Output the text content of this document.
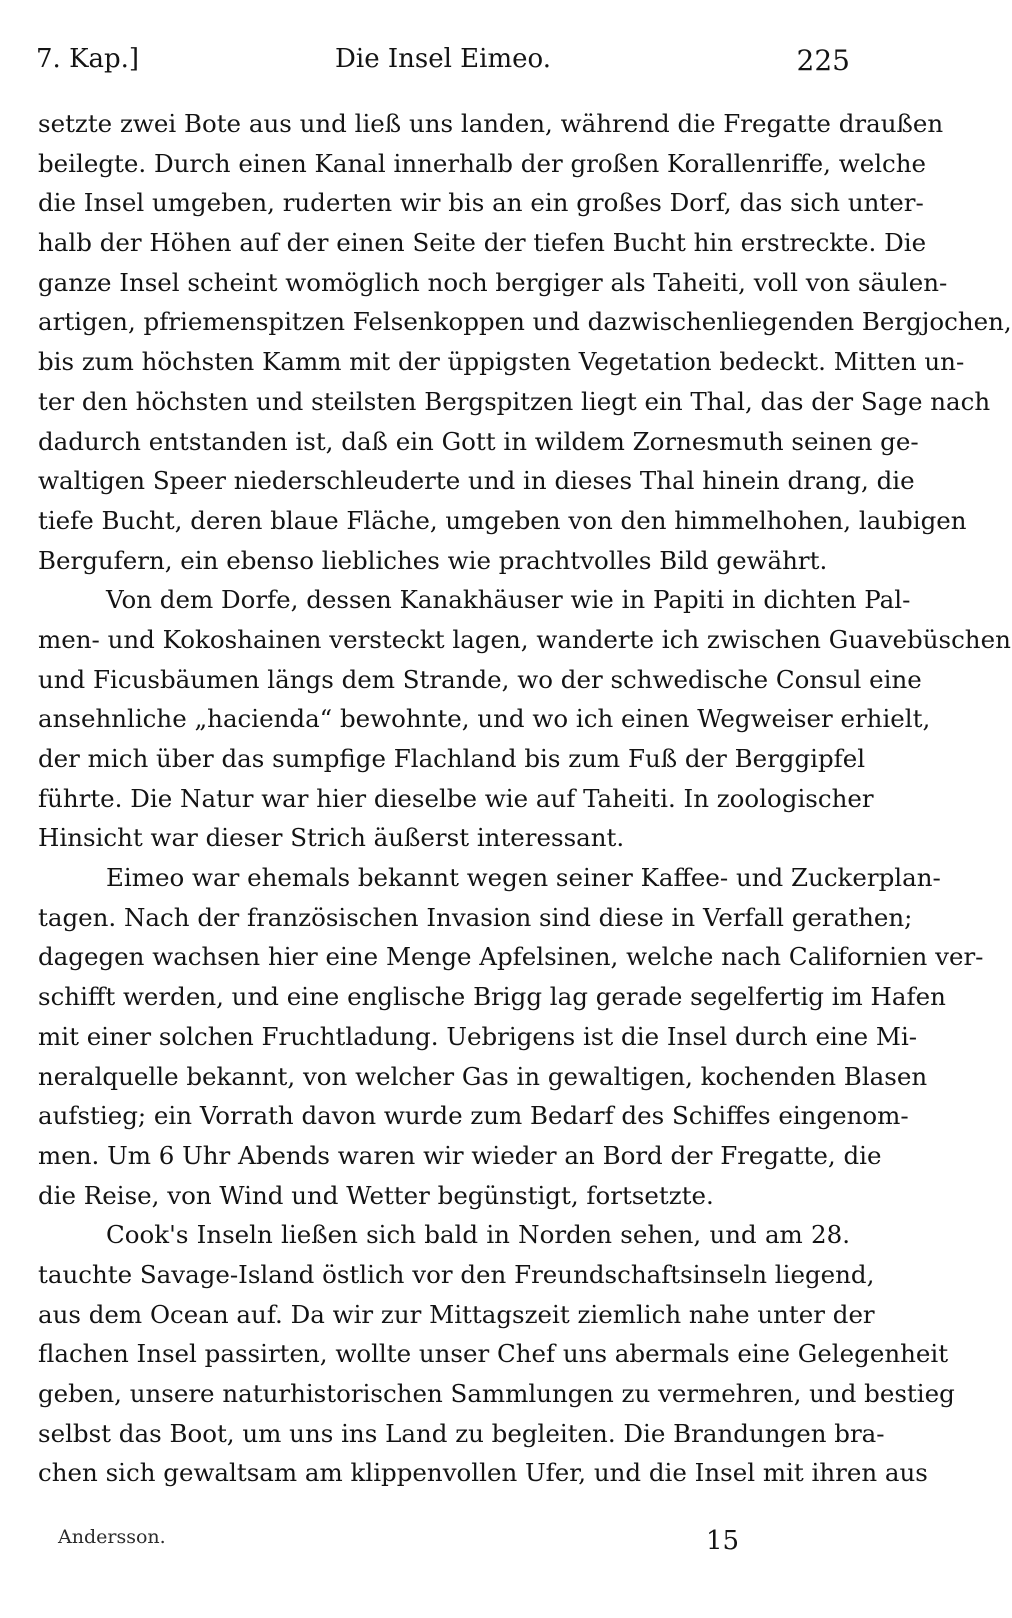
7. Kap.]	Die Insel Eimeo.	225
setzte zwei Bote aus und ließ uns landen, während die Fregatte draußen
beilegte. Durch einen Kanal innerhalb der großen Korallenriffe, welche
die Insel umgeben, ruderten wir bis an ein großes Dorf, das sich unter-
halb der Höhen auf der einen Seite der tiefen Bucht hin erstreckte. Die
ganze Insel scheint womöglich noch bergiger als Taheiti, voll von säulen-
artigen, pfriemenspitzen Felsenkoppen und dazwischenliegenden Bergjochen,
bis zum höchsten Kamm mit der üppigsten Vegetation bedeckt. Mitten un-
ter den höchsten und steilsten Bergspitzen liegt ein Thal, das der Sage nach
dadurch entstanden ist, daß ein Gott in wildem Zornesmuth seinen ge-
waltigen Speer niederschleuderte und in dieses Thal hinein drang, die
tiefe Bucht, deren blaue Fläche, umgeben von den himmelhohen, laubigen
Bergufern, ein ebenso liebliches wie prachtvolles Bild gewährt.
Von dem Dorfe, dessen Kanakhäuser wie in Papiti in dichten Pal-
men- und Kokoshainen versteckt lagen, wanderte ich zwischen Guavebüschen
und Ficusbäumen längs dem Strande, wo der schwedische Consul eine
ansehnliche „hacienda“ bewohnte, und wo ich einen Wegweiser erhielt,
der mich über das sumpfige Flachland bis zum Fuß der Berggipfel
führte. Die Natur war hier dieselbe wie auf Taheiti. In zoologischer
Hinsicht war dieser Strich äußerst interessant.
Eimeo war ehemals bekannt wegen seiner Kaffee- und Zuckerplan-
tagen. Nach der französischen Invasion sind diese in Verfall gerathen;
dagegen wachsen hier eine Menge Apfelsinen, welche nach Californien ver-
schifft werden, und eine englische Brigg lag gerade segelfertig im Hafen
mit einer solchen Fruchtladung. Uebrigens ist die Insel durch eine Mi-
neralquelle bekannt, von welcher Gas in gewaltigen, kochenden Blasen
aufstieg; ein Vorrath davon wurde zum Bedarf des Schiffes eingenom-
men. Um 6 Uhr Abends waren wir wieder an Bord der Fregatte, die
die Reise, von Wind und Wetter begünstigt, fortsetzte.
Cook's Inseln ließen sich bald in Norden sehen, und am 28.
tauchte Savage-Island östlich vor den Freundschaftsinseln liegend,
aus dem Ocean auf. Da wir zur Mittagszeit ziemlich nahe unter der
flachen Insel passirten, wollte unser Chef uns abermals eine Gelegenheit
geben, unsere naturhistorischen Sammlungen zu vermehren, und bestieg
selbst das Boot, um uns ins Land zu begleiten. Die Brandungen bra-
chen sich gewaltsam am klippenvollen Ufer, und die Insel mit ihren aus
Andersson.	15
